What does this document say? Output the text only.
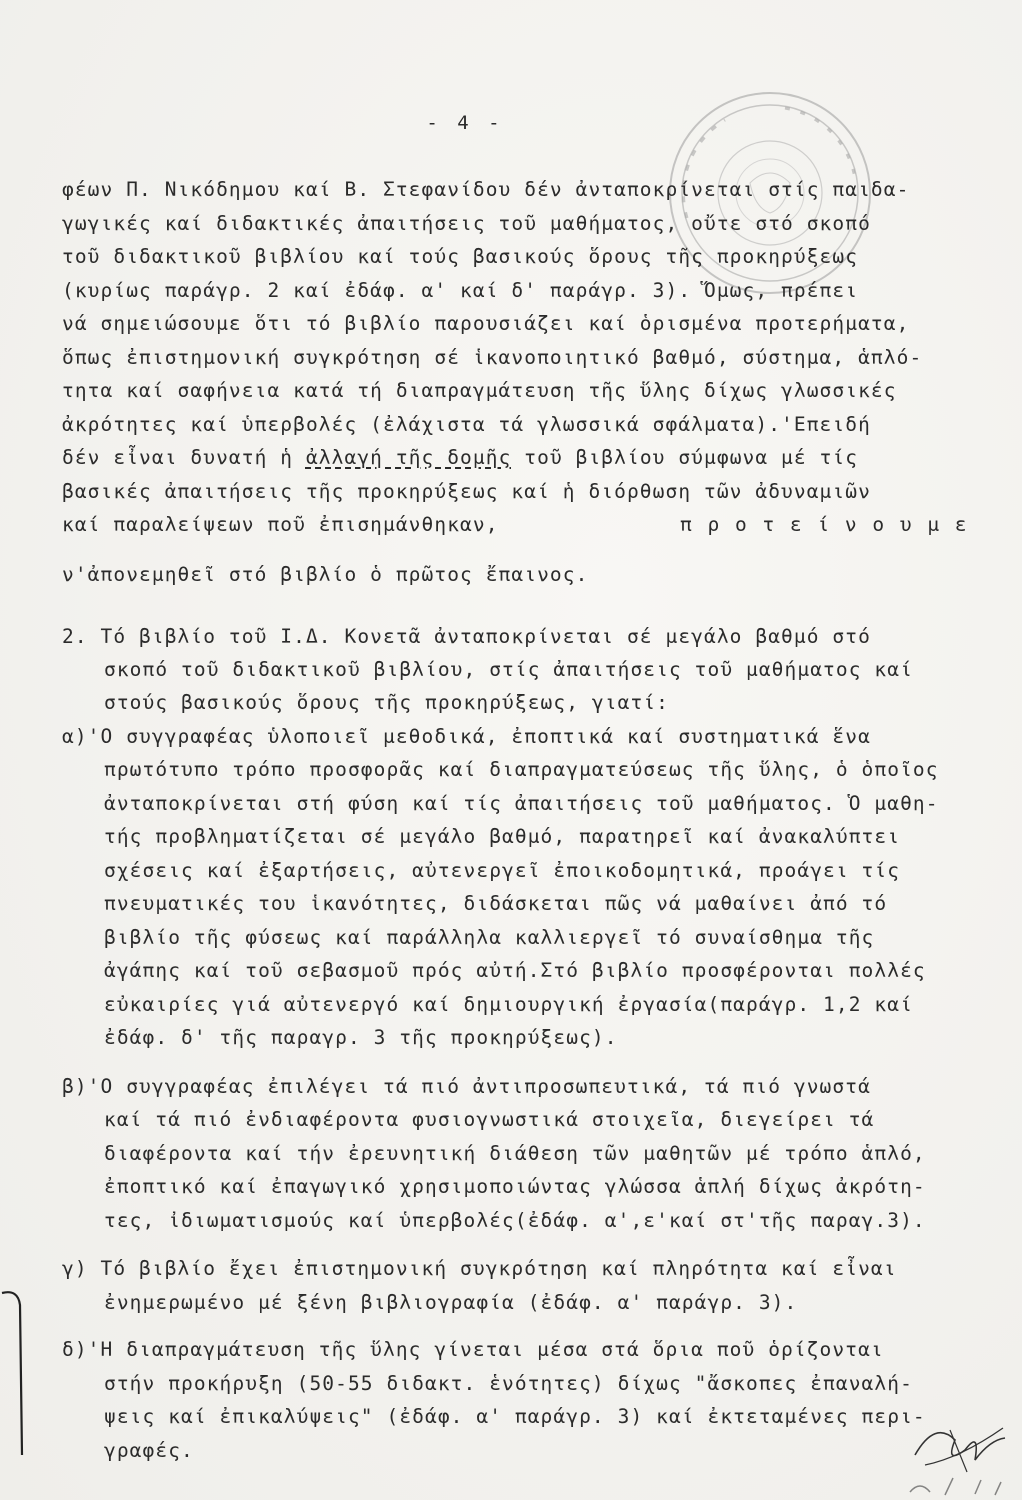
- 4 -
φέων Π. Νικόδημου καί Β. Στεφανίδου δέν ἀνταποκρίνεται στίς παιδα-
γωγικές καί διδακτικές ἀπαιτήσεις τοῦ μαθήματος, οὔτε στό σκοπό
τοῦ διδακτικοῦ βιβλίου καί τούς βασικούς ὅρους τῆς προκηρύξεως
(κυρίως παράγρ. 2 καί ἐδάφ. α' καί δ' παράγρ. 3). Ὅμως, πρέπει
νά σημειώσουμε ὅτι τό βιβλίο παρουσιάζει καί ὁρισμένα προτερήματα,
ὅπως ἐπιστημονική συγκρότηση σέ ἱκανοποιητικό βαθμό, σύστημα, ἁπλό-
τητα καί σαφήνεια κατά τή διαπραγμάτευση τῆς ὕλης δίχως γλωσσικές
ἀκρότητες καί ὑπερβολές (ἐλάχιστα τά γλωσσικά σφάλματα).'Επειδή
δέν εἶναι δυνατή ἡ ἀλλαγή τῆς δομῆς τοῦ βιβλίου σύμφωνα μέ τίς
βασικές ἀπαιτήσεις τῆς προκηρύξεως καί ἡ διόρθωση τῶν ἀδυναμιῶν
καί παραλείψεων ποῦ ἐπισημάνθηκαν,	π ρ ο τ ε ί ν ο υ μ ε
ν'ἀπονεμηθεῖ στό βιβλίο ὁ πρῶτος ἔπαινος.
2. Τό βιβλίο τοῦ Ι.Δ. Κονετᾶ ἀνταποκρίνεται σέ μεγάλο βαθμό στό
σκοπό τοῦ διδακτικοῦ βιβλίου, στίς ἀπαιτήσεις τοῦ μαθήματος καί
στούς βασικούς ὅρους τῆς προκηρύξεως, γιατί:
α)'Ο συγγραφέας ὑλοποιεῖ μεθοδικά, ἐποπτικά καί συστηματικά ἕνα
πρωτότυπο τρόπο προσφορᾶς καί διαπραγματεύσεως τῆς ὕλης, ὁ ὁποῖος
ἀνταποκρίνεται στή φύση καί τίς ἀπαιτήσεις τοῦ μαθήματος. Ὁ μαθη-
τής προβληματίζεται σέ μεγάλο βαθμό, παρατηρεῖ καί ἀνακαλύπτει
σχέσεις καί ἐξαρτήσεις, αὐτενεργεῖ ἐποικοδομητικά, προάγει τίς
πνευματικές του ἱκανότητες, διδάσκεται πῶς νά μαθαίνει ἀπό τό
βιβλίο τῆς φύσεως καί παράλληλα καλλιεργεῖ τό συναίσθημα τῆς
ἀγάπης καί τοῦ σεβασμοῦ πρός αὐτή.Στό βιβλίο προσφέρονται πολλές
εὐκαιρίες γιά αὐτενεργό καί δημιουργική ἐργασία(παράγρ. 1,2 καί
ἐδάφ. δ' τῆς παραγρ. 3 τῆς προκηρύξεως).
β)'Ο συγγραφέας ἐπιλέγει τά πιό ἀντιπροσωπευτικά, τά πιό γνωστά
καί τά πιό ἐνδιαφέροντα φυσιογνωστικά στοιχεῖα, διεγείρει τά
διαφέροντα καί τήν ἐρευνητική διάθεση τῶν μαθητῶν μέ τρόπο ἁπλό,
ἐποπτικό καί ἐπαγωγικό χρησιμοποιώντας γλώσσα ἁπλή δίχως ἀκρότη-
τες, ἰδιωματισμούς καί ὑπερβολές(ἐδάφ. α',ε'καί στ'τῆς παραγ.3).
γ) Τό βιβλίο ἔχει ἐπιστημονική συγκρότηση καί πληρότητα καί εἶναι
ἐνημερωμένο μέ ξένη βιβλιογραφία (ἐδάφ. α' παράγρ. 3).
δ)'Η διαπραγμάτευση τῆς ὕλης γίνεται μέσα στά ὅρια ποῦ ὁρίζονται
στήν προκήρυξη (50-55 διδακτ. ἑνότητες) δίχως "ἄσκοπες ἐπαναλή-
ψεις καί ἐπικαλύψεις" (ἐδάφ. α' παράγρ. 3) καί ἐκτεταμένες περι-
γραφές.
